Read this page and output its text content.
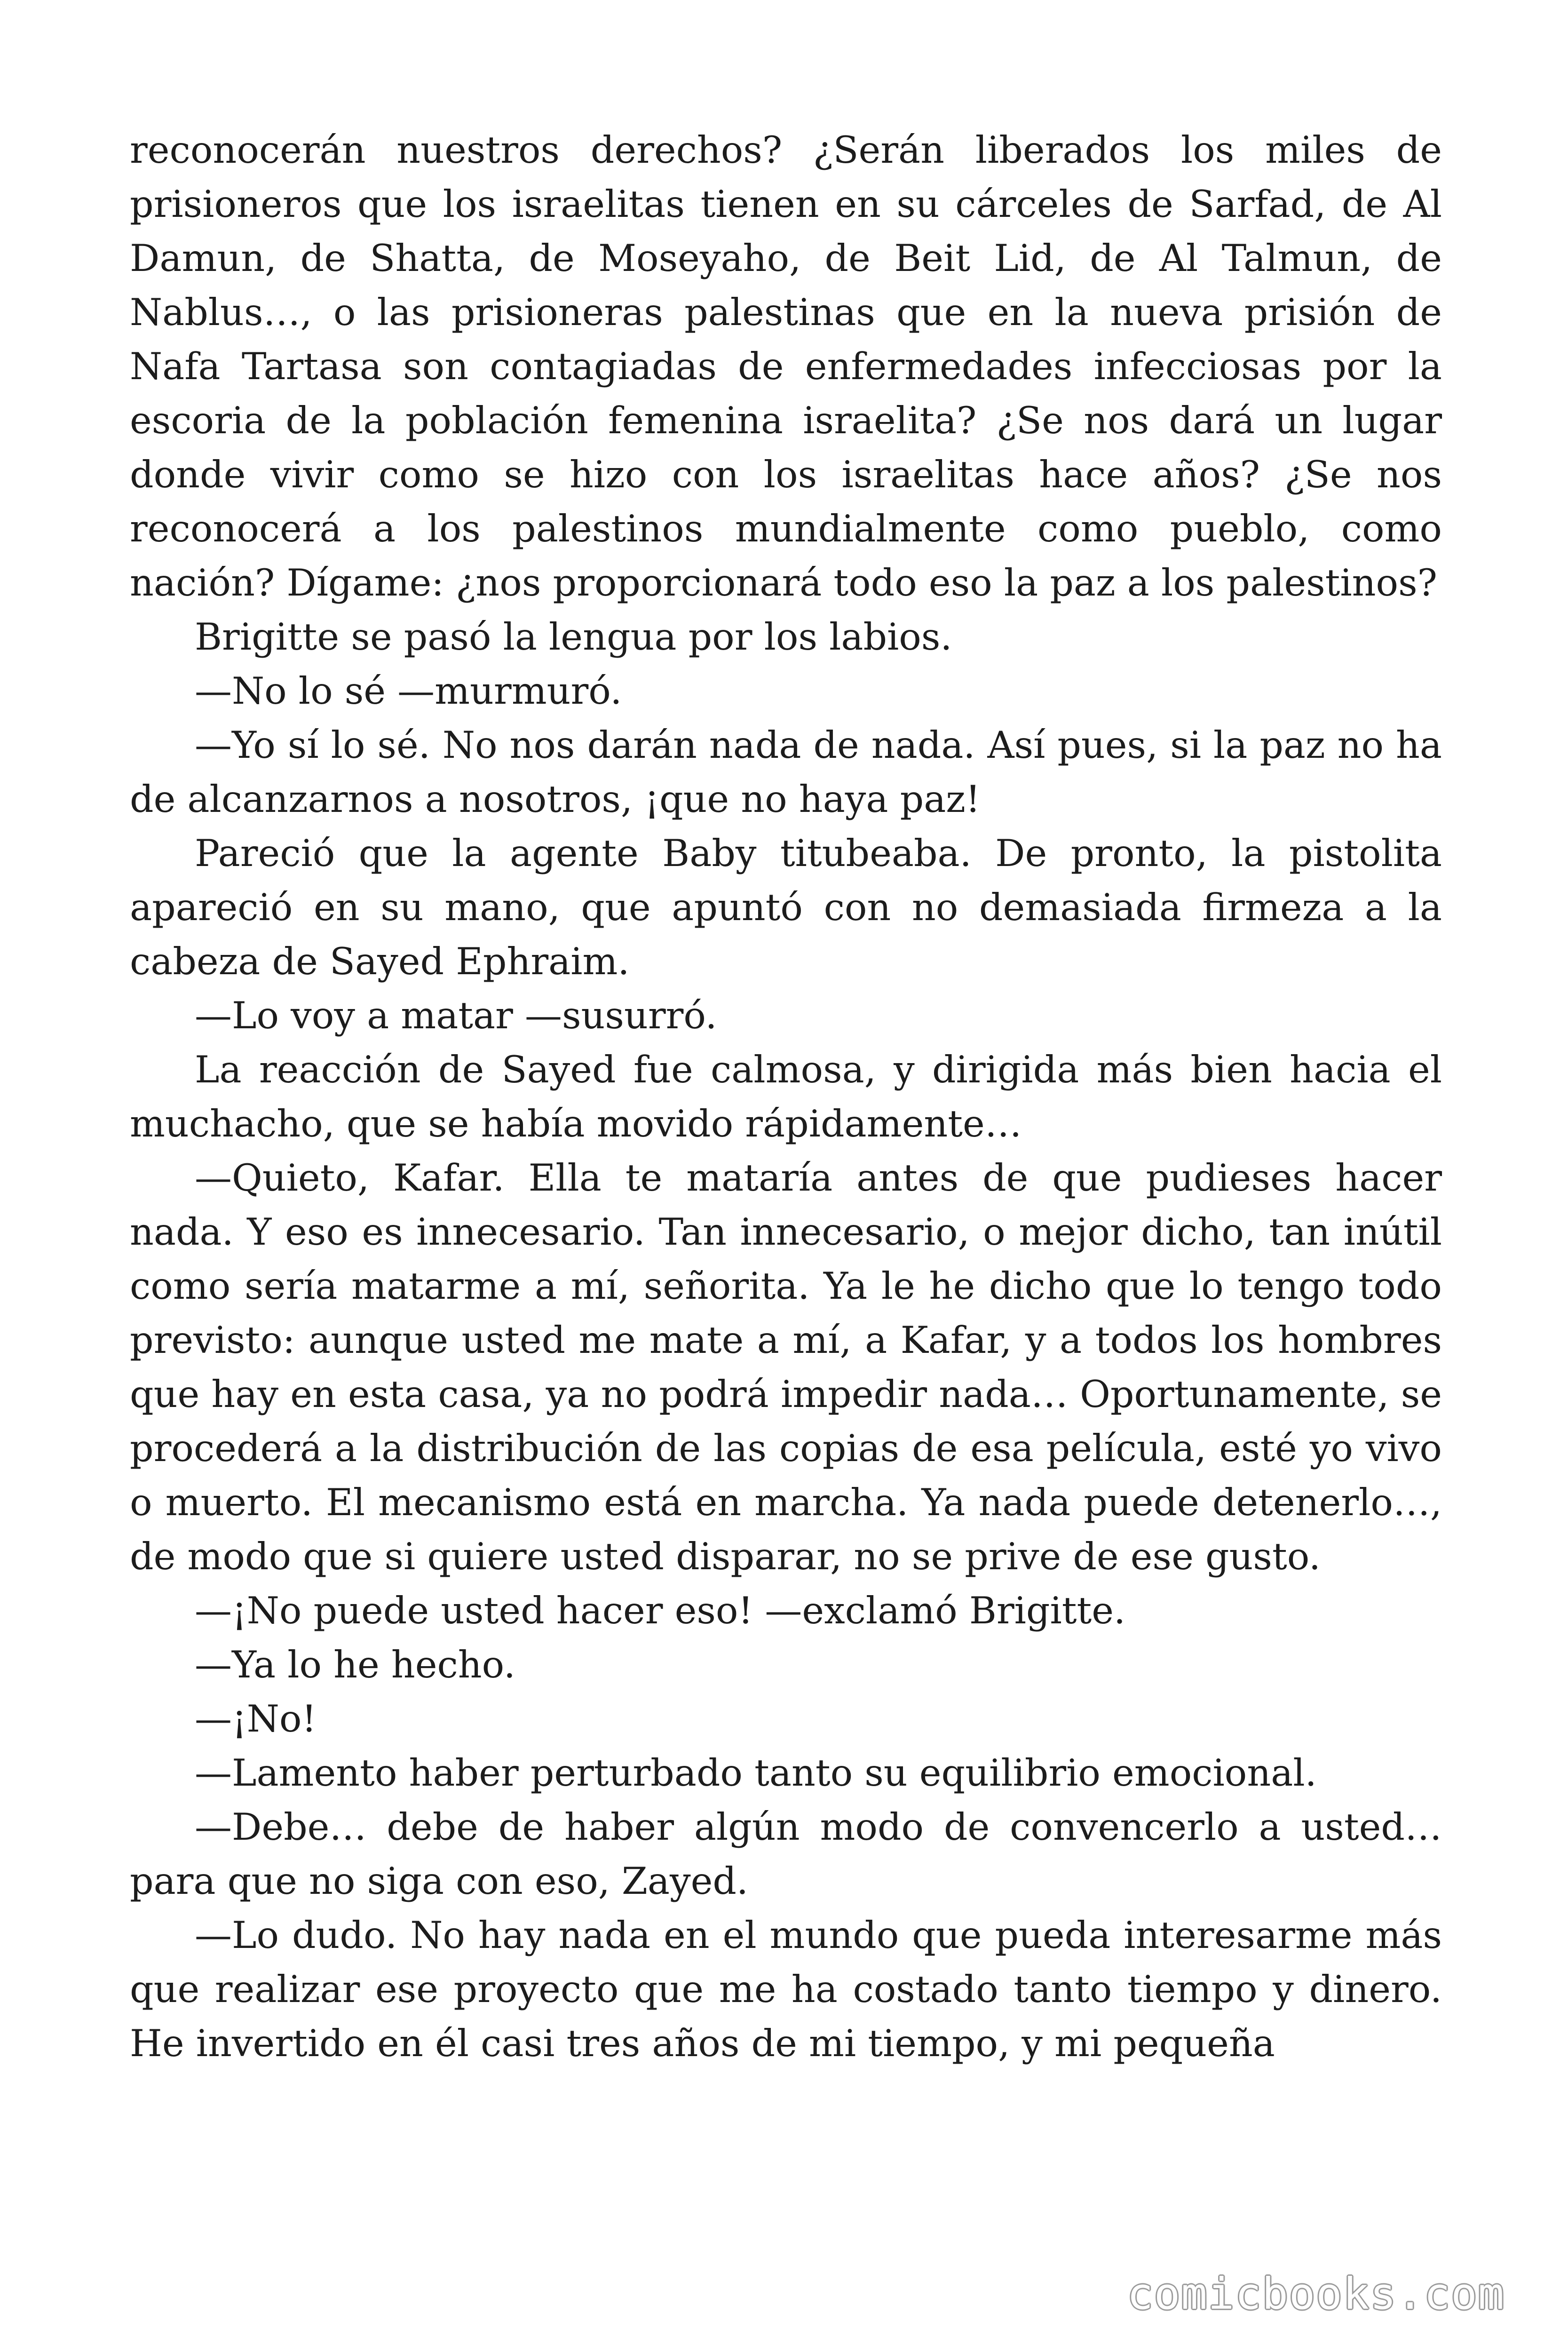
reconocerán nuestros derechos? ¿Serán liberados los miles de prisioneros que los israelitas tienen en su cárceles de Sarfad, de Al Damun, de Shatta, de Moseyaho, de Beit Lid, de Al Talmun, de Nablus…, o las prisioneras palestinas que en la nueva prisión de Nafa Tartasa son contagiadas de enfermedades infecciosas por la escoria de la población femenina israelita? ¿Se nos dará un lugar donde vivir como se hizo con los israelitas hace años? ¿Se nos reconocerá a los palestinos mundialmente como pueblo, como nación? Dígame: ¿nos proporcionará todo eso la paz a los palestinos?

Brigitte se pasó la lengua por los labios.

—No lo sé —murmuró.

—Yo sí lo sé. No nos darán nada de nada. Así pues, si la paz no ha de alcanzarnos a nosotros, ¡que no haya paz!

Pareció que la agente Baby titubeaba. De pronto, la pistolita apareció en su mano, que apuntó con no demasiada firmeza a la cabeza de Sayed Ephraim.

—Lo voy a matar —susurró.

La reacción de Sayed fue calmosa, y dirigida más bien hacia el muchacho, que se había movido rápidamente…

—Quieto, Kafar. Ella te mataría antes de que pudieses hacer nada. Y eso es innecesario. Tan innecesario, o mejor dicho, tan inútil como sería matarme a mí, señorita. Ya le he dicho que lo tengo todo previsto: aunque usted me mate a mí, a Kafar, y a todos los hombres que hay en esta casa, ya no podrá impedir nada… Oportunamente, se procederá a la distribución de las copias de esa película, esté yo vivo o muerto. El mecanismo está en marcha. Ya nada puede detenerlo…, de modo que si quiere usted disparar, no se prive de ese gusto.

—¡No puede usted hacer eso! —exclamó Brigitte.

—Ya lo he hecho.

—¡No!

—Lamento haber perturbado tanto su equilibrio emocional.

—Debe… debe de haber algún modo de convencerlo a usted… para que no siga con eso, Zayed.

—Lo dudo. No hay nada en el mundo que pueda interesarme más que realizar ese proyecto que me ha costado tanto tiempo y dinero. He invertido en él casi tres años de mi tiempo, y mi pequeña

comicbooks.com
